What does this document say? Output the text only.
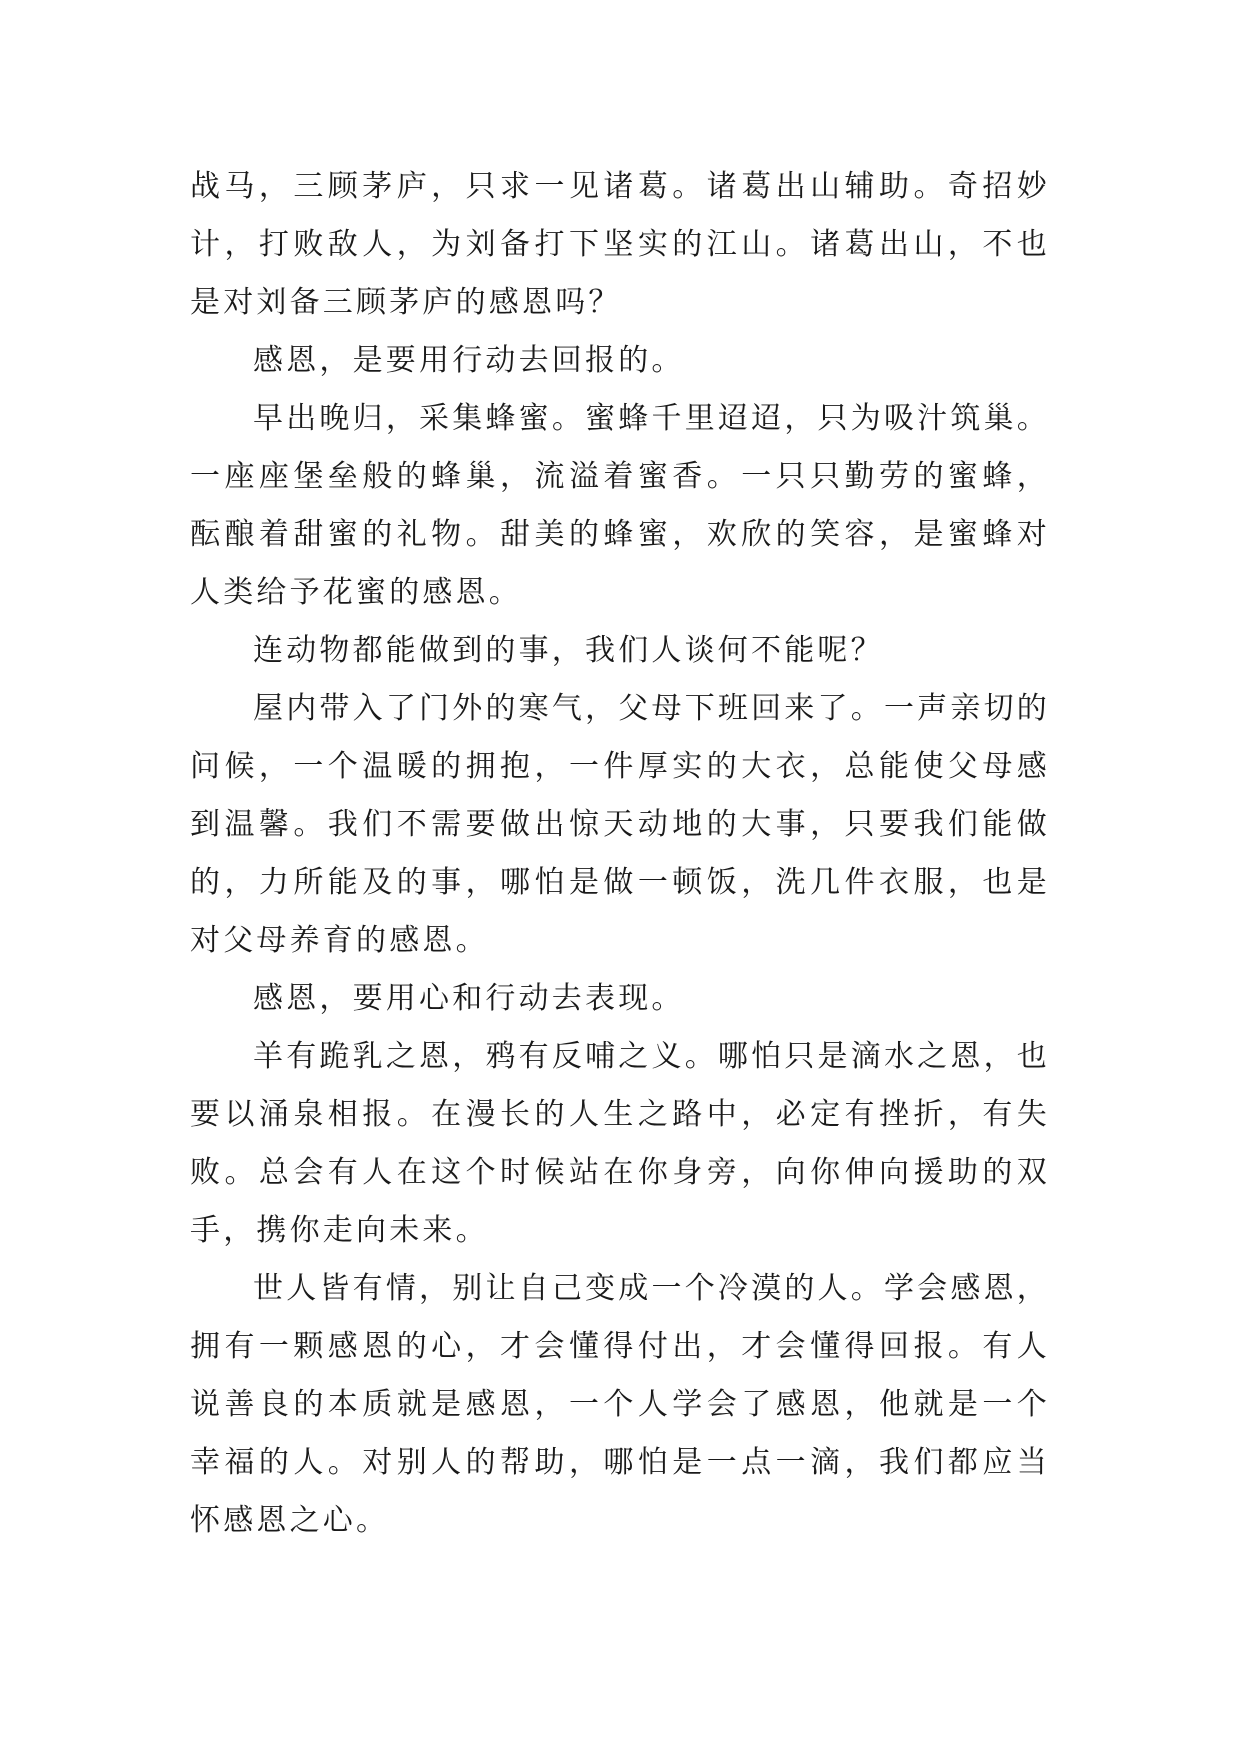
战马，三顾茅庐，只求一见诸葛。诸葛出山辅助。奇招妙计，打败敌人，为刘备打下坚实的江山。诸葛出山，不也是对刘备三顾茅庐的感恩吗？

感恩，是要用行动去回报的。

早出晚归，采集蜂蜜。蜜蜂千里迢迢，只为吸汁筑巢。一座座堡垒般的蜂巢，流溢着蜜香。一只只勤劳的蜜蜂，酝酿着甜蜜的礼物。甜美的蜂蜜，欢欣的笑容，是蜜蜂对人类给予花蜜的感恩。

连动物都能做到的事，我们人谈何不能呢？

屋内带入了门外的寒气，父母下班回来了。一声亲切的问候，一个温暖的拥抱，一件厚实的大衣，总能使父母感到温馨。我们不需要做出惊天动地的大事，只要我们能做的，力所能及的事，哪怕是做一顿饭，洗几件衣服，也是对父母养育的感恩。

感恩，要用心和行动去表现。

羊有跪乳之恩，鸦有反哺之义。哪怕只是滴水之恩，也要以涌泉相报。在漫长的人生之路中，必定有挫折，有失败。总会有人在这个时候站在你身旁，向你伸向援助的双手，携你走向未来。

世人皆有情，别让自己变成一个冷漠的人。学会感恩，拥有一颗感恩的心，才会懂得付出，才会懂得回报。有人说善良的本质就是感恩，一个人学会了感恩，他就是一个幸福的人。对别人的帮助，哪怕是一点一滴，我们都应当怀感恩之心。
